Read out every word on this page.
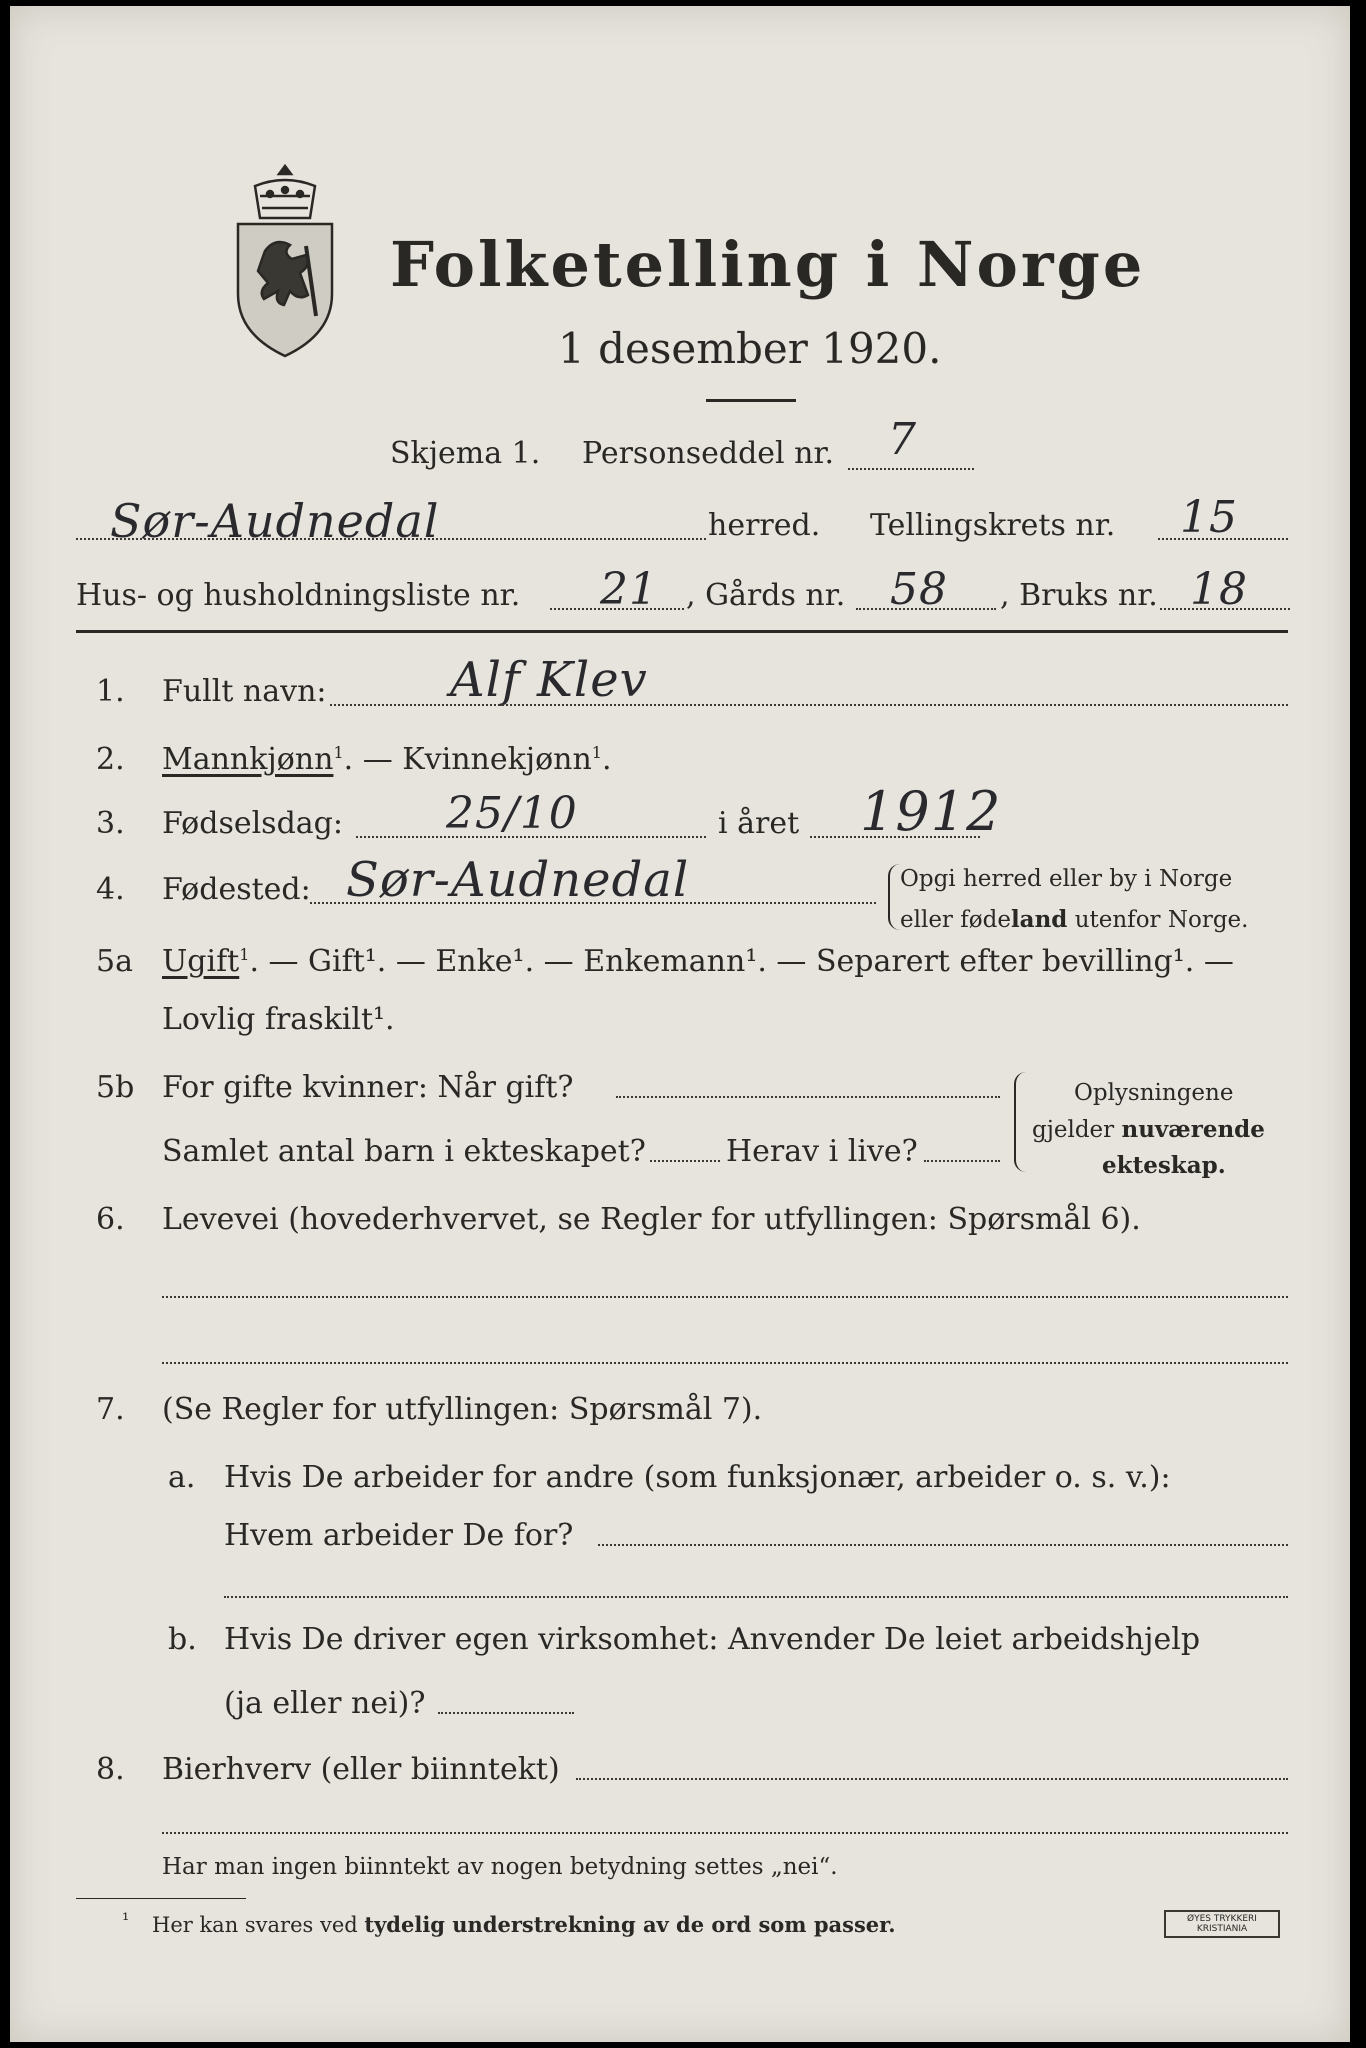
Folketelling i Norge
1 desember 1920.
Skjema 1. Personseddel nr. 7
Sør-Audnedal	herred. Tellingskrets nr. 15
Hus- og husholdningsliste nr. 21 , Gårds nr. 58 , Bruks nr. 18
1. Fullt navn:	Alf Klev
2. Mannkjønn$^1$. — Kvinnekjønn$^1$.
3. Fødselsdag: 25/10	i året 1912
4. Fødested: Sør-Audnedal	Opgi herred eller by i Norge
eller fødeland utenfor Norge.
5a Ugift$^1$. — Gift¹. — Enke¹. — Enkemann¹. — Separert efter bevilling¹. —
Lovlig fraskilt¹.
5b For gifte kvinner: Når gift?
Samlet antal barn i ekteskapet?	Herav i live?
Oplysningene
gjelder nuværende
ekteskap.
6. Levevei (hovederhvervet, se Regler for utfyllingen: Spørsmål 6).
7. (Se Regler for utfyllingen: Spørsmål 7).
a. Hvis De arbeider for andre (som funksjonær, arbeider o. s. v.):
Hvem arbeider De for?
b. Hvis De driver egen virksomhet: Anvender De leiet arbeidshjelp
(ja eller nei)?
8. Bierhverv (eller biinntekt)
Har man ingen biinntekt av nogen betydning settes „nei“.
¹ Her kan svares ved tydelig understrekning av de ord som passer.	ØYES TRYKKERI KRISTIANIA
